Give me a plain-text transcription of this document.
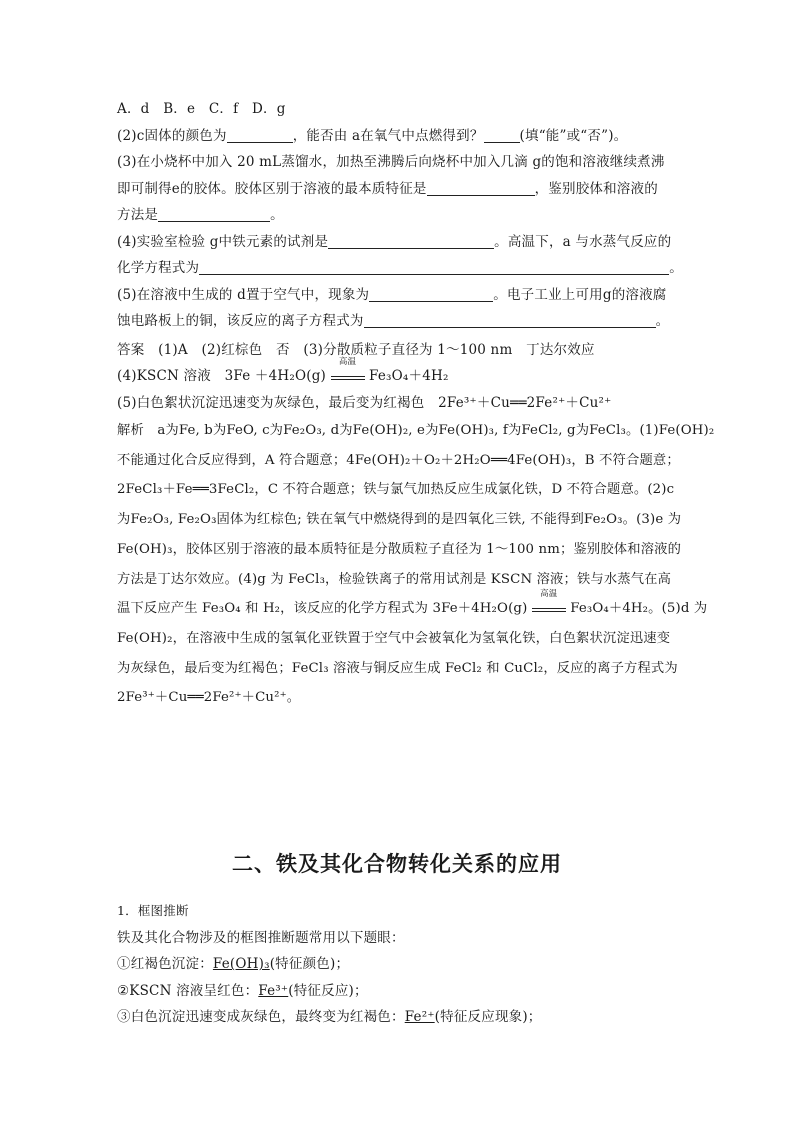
A．d　B．e　C．f　D．g
(2)c固体的颜色为	，能否由 a在氧气中点燃得到？	(填“能”或“否”)。
(3)在小烧杯中加入 20 mL蒸馏水，加热至沸腾后向烧杯中加入几滴 g的饱和溶液继续煮沸
即可制得e的胶体。胶体区别于溶液的最本质特征是	，鉴别胶体和溶液的
方法是	。
(4)实验室检验 g中铁元素的试剂是	。高温下，a 与水蒸气反应的
化学方程式为	。
(5)在溶液中生成的 d置于空气中，现象为	。电子工业上可用g的溶液腐
蚀电路板上的铜，该反应的离子方程式为	。
答案　(1)A　(2)红棕色　否　(3)分散质粒子直径为 1～100 nm　丁达尔效应
(4)KSCN 溶液　3Fe ＋4H₂O(g)
高温
Fe₃O₄＋4H₂
(5)白色絮状沉淀迅速变为灰绿色，最后变为红褐色　2Fe³⁺＋Cu══2Fe²⁺＋Cu²⁺
解析　a为Fe, b为FeO, c为Fe₂O₃, d为Fe(OH)₂, e为Fe(OH)₃, f为FeCl₂, g为FeCl₃。(1)Fe(OH)₂
不能通过化合反应得到，A 符合题意；4Fe(OH)₂＋O₂＋2H₂O══4Fe(OH)₃，B 不符合题意；
2FeCl₃＋Fe══3FeCl₂，C 不符合题意；铁与氯气加热反应生成氯化铁，D 不符合题意。(2)c
为Fe₂O₃, Fe₂O₃固体为红棕色; 铁在氧气中燃烧得到的是四氧化三铁, 不能得到Fe₂O₃。(3)e 为
Fe(OH)₃，胶体区别于溶液的最本质特征是分散质粒子直径为 1～100 nm；鉴别胶体和溶液的
方法是丁达尔效应。(4)g 为 FeCl₃，检验铁离子的常用试剂是 KSCN 溶液；铁与水蒸气在高
温下反应产生 Fe₃O₄ 和 H₂，该反应的化学方程式为 3Fe＋4H₂O(g)
高温
Fe₃O₄＋4H₂。(5)d 为
Fe(OH)₂，在溶液中生成的氢氧化亚铁置于空气中会被氧化为氢氧化铁，白色絮状沉淀迅速变
为灰绿色，最后变为红褐色；FeCl₃ 溶液与铜反应生成 FeCl₂ 和 CuCl₂，反应的离子方程式为
2Fe³⁺＋Cu══2Fe²⁺＋Cu²⁺。
二、铁及其化合物转化关系的应用
1．框图推断
铁及其化合物涉及的框图推断题常用以下题眼：
①红褐色沉淀：Fe(OH)₃(特征颜色)；
②KSCN 溶液呈红色：Fe³⁺(特征反应)；
③白色沉淀迅速变成灰绿色，最终变为红褐色：Fe²⁺(特征反应现象)；
